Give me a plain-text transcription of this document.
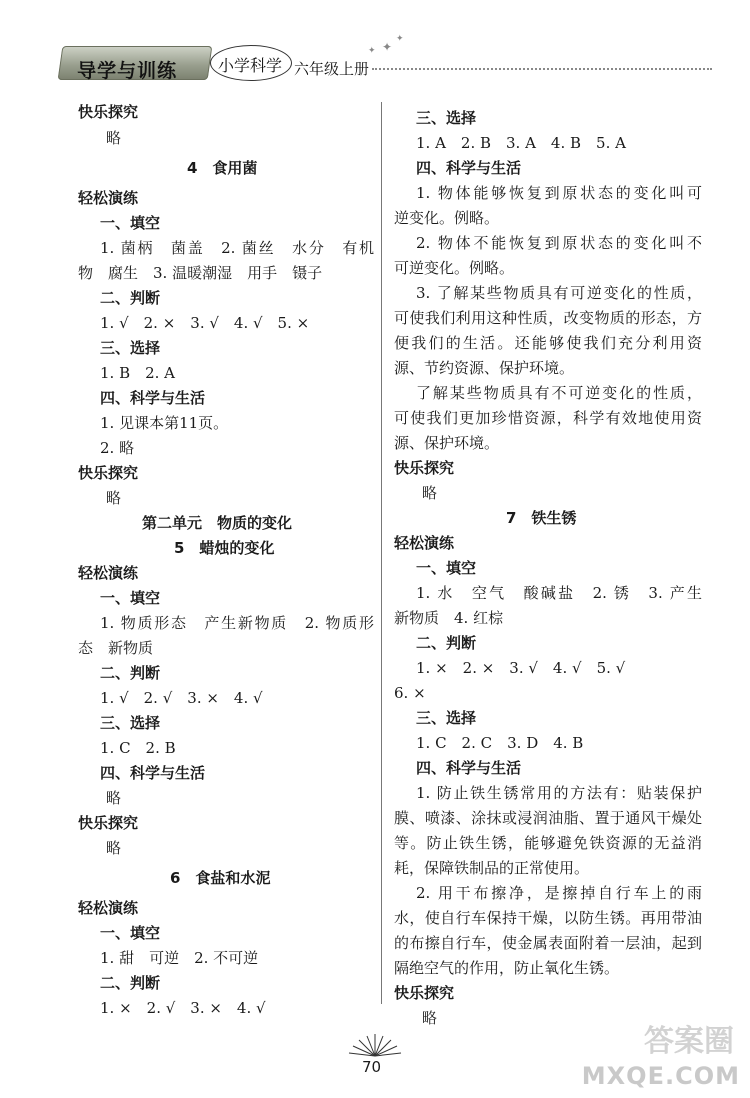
导学与训练	小学科学 六年级上册
✦
✦
✦
快乐探究
略
4　食用菌
轻松演练
一、填空
1. 菌柄　菌盖　2. 菌丝　水分　有机
物　腐生　3. 温暖潮湿　用手　镊子
二、判断
1. √　2. ×　3. √　4. √　5. ×
三、选择
1. B　2. A
四、科学与生活
1. 见课本第11页。
2. 略
快乐探究
略
第二单元　物质的变化
5　蜡烛的变化
轻松演练
一、填空
1. 物质形态　产生新物质　2. 物质形
态　新物质
二、判断
1. √　2. √　3. ×　4. √
三、选择
1. C　2. B
四、科学与生活
略
快乐探究
略
6　食盐和水泥
轻松演练
一、填空
1. 甜　可逆　2. 不可逆
二、判断
1. ×　2. √　3. ×　4. √
三、选择
1. A　2. B　3. A　4. B　5. A
四、科学与生活
1. 物体能够恢复到原状态的变化叫可
逆变化。例略。
2. 物体不能恢复到原状态的变化叫不
可逆变化。例略。
3. 了解某些物质具有可逆变化的性质，
可使我们利用这种性质，改变物质的形态，方
便我们的生活。还能够使我们充分利用资
源、节约资源、保护环境。
了解某些物质具有不可逆变化的性质，
可使我们更加珍惜资源，科学有效地使用资
源、保护环境。
快乐探究
略
7　铁生锈
轻松演练
一、填空
1. 水　空气　酸碱盐　2. 锈　3. 产生
新物质　4. 红棕
二、判断
1. ×　2. ×　3. √　4. √　5. √
6. ×
三、选择
1. C　2. C　3. D　4. B
四、科学与生活
1. 防止铁生锈常用的方法有：贴装保护
膜、喷漆、涂抹或浸润油脂、置于通风干燥处
等。防止铁生锈，能够避免铁资源的无益消
耗，保障铁制品的正常使用。
2. 用干布擦净，是擦掉自行车上的雨
水，使自行车保持干燥，以防生锈。再用带油
的布擦自行车，使金属表面附着一层油，起到
隔绝空气的作用，防止氧化生锈。
快乐探究
略
70
答案圈
MXQE.COM
